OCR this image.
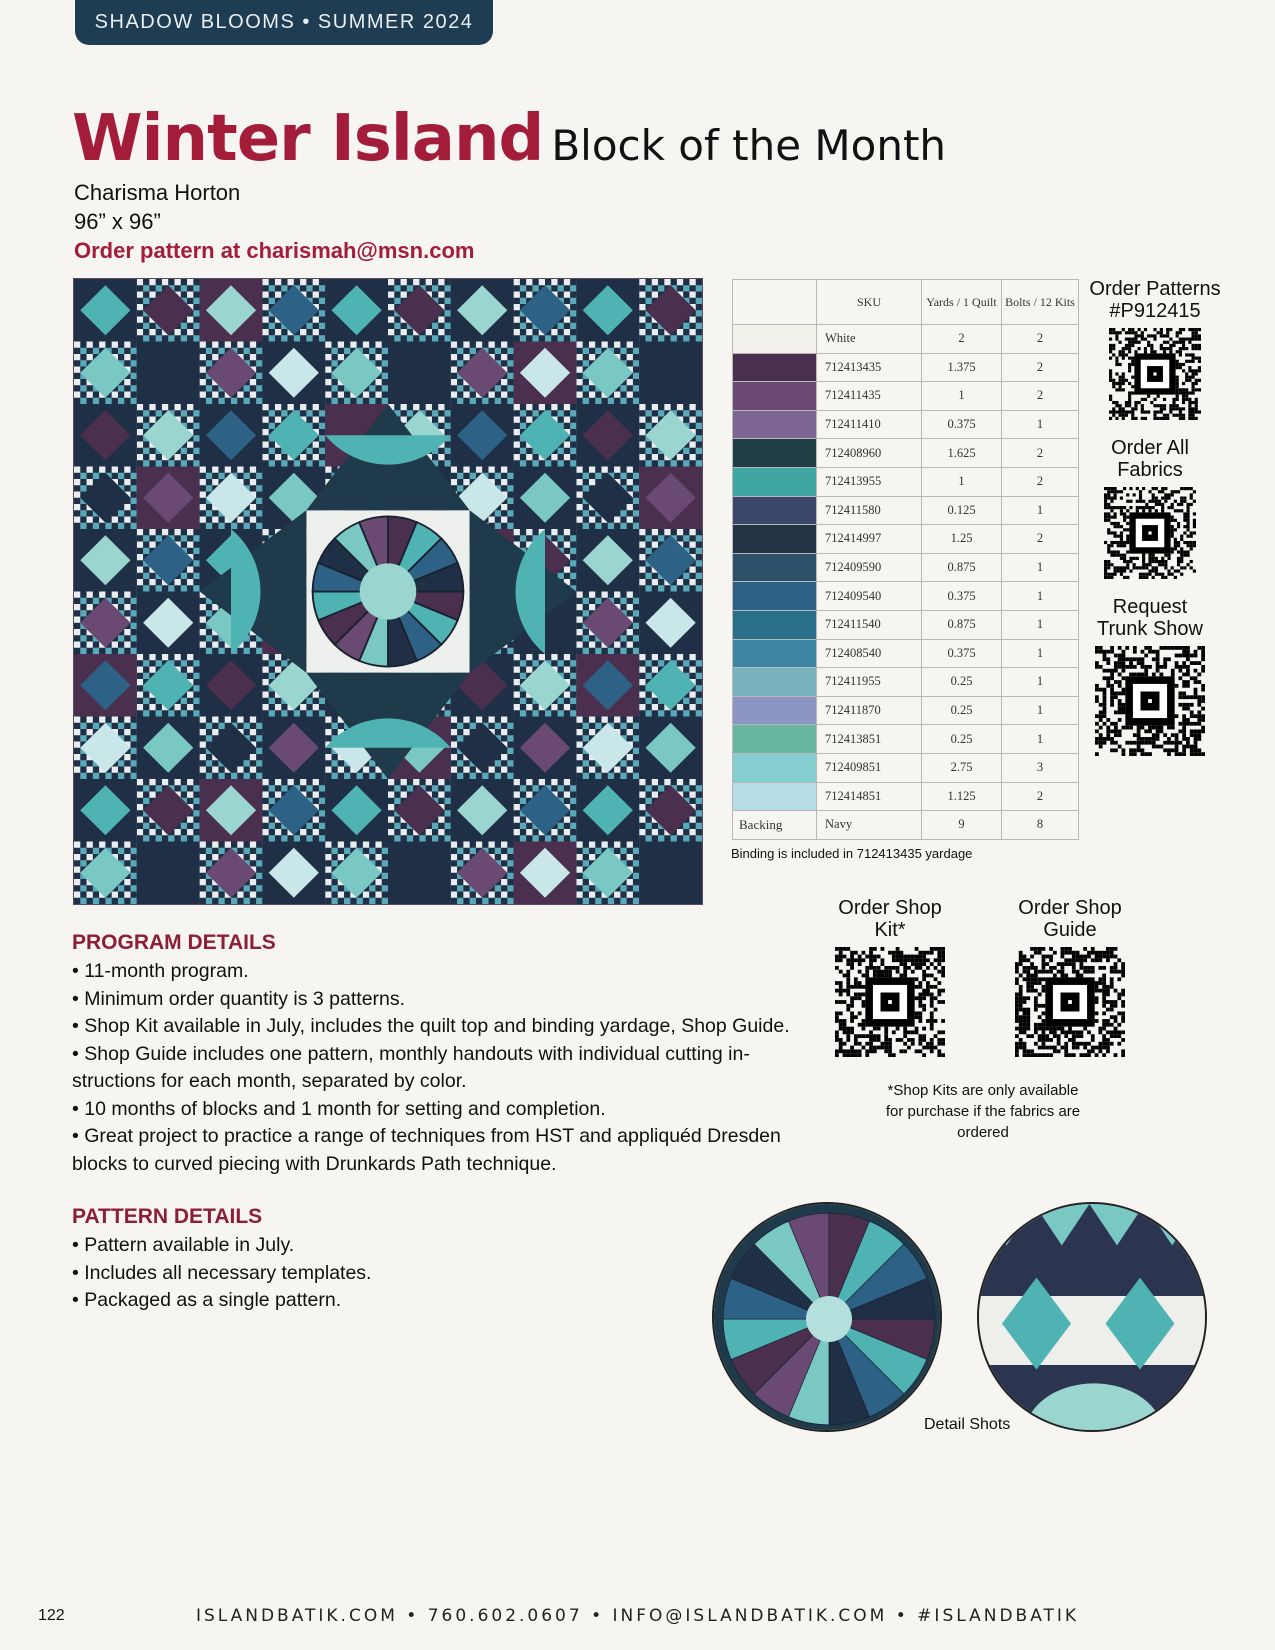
SHADOW BLOOMS • SUMMER 2024
Winter Island Block of the Month
Charisma Horton
96” x 96”
Order pattern at charismah@msn.com
	SKU	Yards / 1 Quilt	Bolts / 12 Kits
	White	2	2
	712413435	1.375	2
	712411435	1	2
	712411410	0.375	1
	712408960	1.625	2
	712413955	1	2
	712411580	0.125	1
	712414997	1.25	2
	712409590	0.875	1
	712409540	0.375	1
	712411540	0.875	1
	712408540	0.375	1
	712411955	0.25	1
	712411870	0.25	1
	712413851	0.25	1
	712409851	2.75	3
	712414851	1.125	2
Backing	Navy	9	8
Binding is included in 712413435 yardage
Order Patterns #P912415
Order All Fabrics
Request Trunk Show
Order Shop Kit*
Order Shop Guide
*Shop Kits are only available for purchase if the fabrics are ordered
PROGRAM DETAILS
• 11-month program.
• Minimum order quantity is 3 patterns.
• Shop Kit available in July, includes the quilt top and binding yardage, Shop Guide.
• Shop Guide includes one pattern, monthly handouts with individual cutting instructions for each month, separated by color.
• 10 months of blocks and 1 month for setting and completion.
• Great project to practice a range of techniques from HST and appliquéd Dresden blocks to curved piecing with Drunkards Path technique.
PATTERN DETAILS
• Pattern available in July.
• Includes all necessary templates.
• Packaged as a single pattern.
Detail Shots
122	ISLANDBATIK.COM • 760.602.0607 • INFO@ISLANDBATIK.COM • #ISLANDBATIK
